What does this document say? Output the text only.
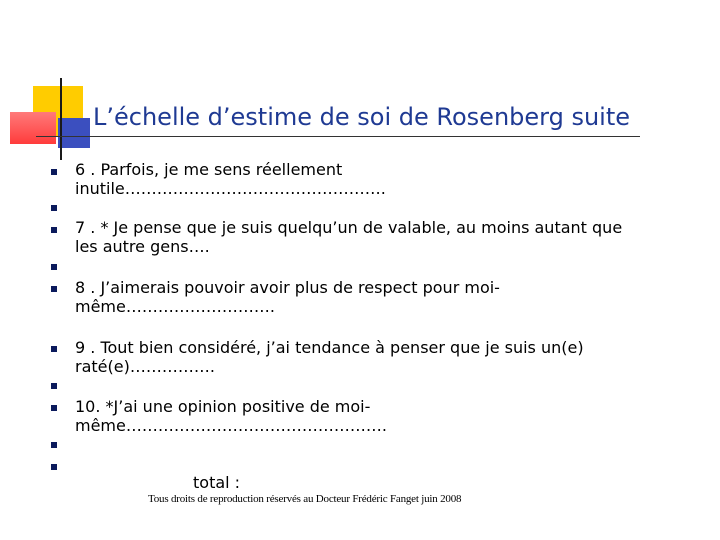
L’échelle d’estime de soi de Rosenberg suite
6 . Parfois, je me sens réellement
inutile………………………………………….
7 . * Je pense que je suis quelqu’un de valable, au moins autant que
les autre gens….
8 . J’aimerais pouvoir avoir plus de respect pour moi-
même……………………….
9 . Tout bien considéré, j’ai tendance à penser que je suis un(e)
raté(e)…………….
10. *J’ai une opinion positive de moi-
même………………………………………….
total :
Tous droits de reproduction réservés au Docteur Frédéric Fanget juin 2008
